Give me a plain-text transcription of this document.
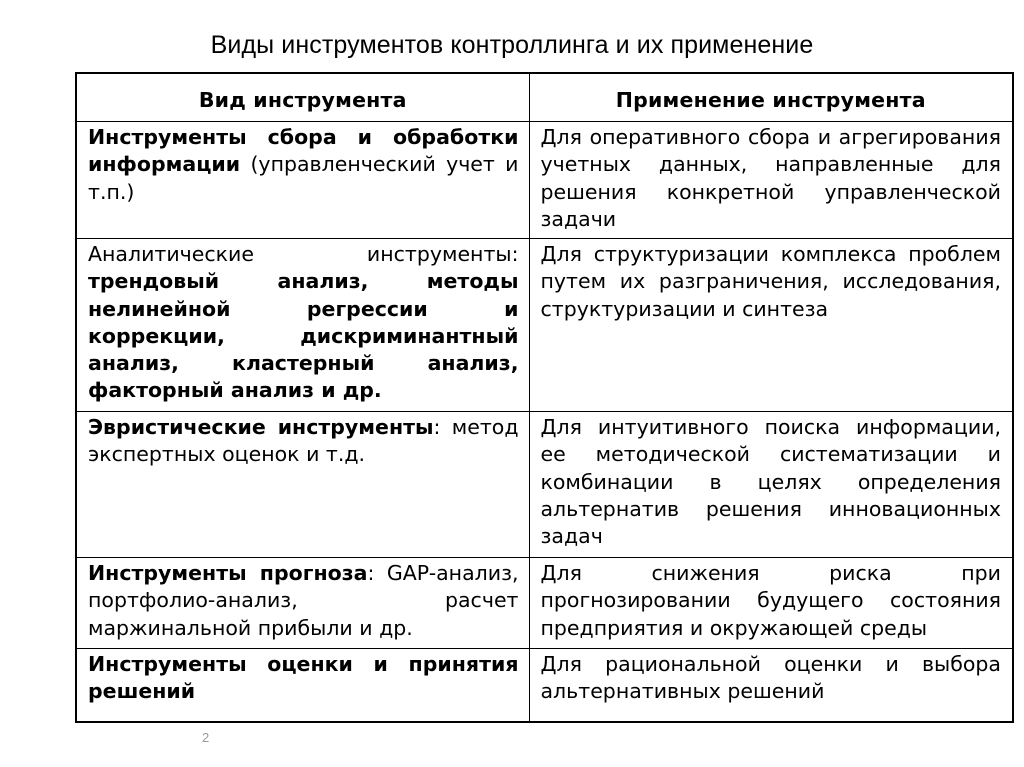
Виды инструментов контроллинга и их применение
Вид инструмента	Применение инструмента
Инструменты сбора и обработки информации (управленческий учет и т.п.)	Для оперативного сбора и агрегирования учетных данных, направленные для решения конкретной управленческой задачи
Аналитические инструменты: трендовый анализ, методы нелинейной регрессии и коррекции, дискриминантный анализ, кластерный анализ, факторный анализ и др.	Для структуризации комплекса проблем путем их разграничения, исследования, структуризации и синтеза
Эвристические инструменты: метод экспертных оценок и т.д.	Для интуитивного поиска информации, ее методической систематизации и комбинации в целях определения альтернатив решения инновационных задач
Инструменты прогноза: GAP-анализ, портфолио-анализ, расчет маржинальной прибыли и др.	Для снижения риска при прогнозировании будущего состояния предприятия и окружающей среды
Инструменты оценки и принятия решений	Для рациональной оценки и выбора альтернативных решений
2
